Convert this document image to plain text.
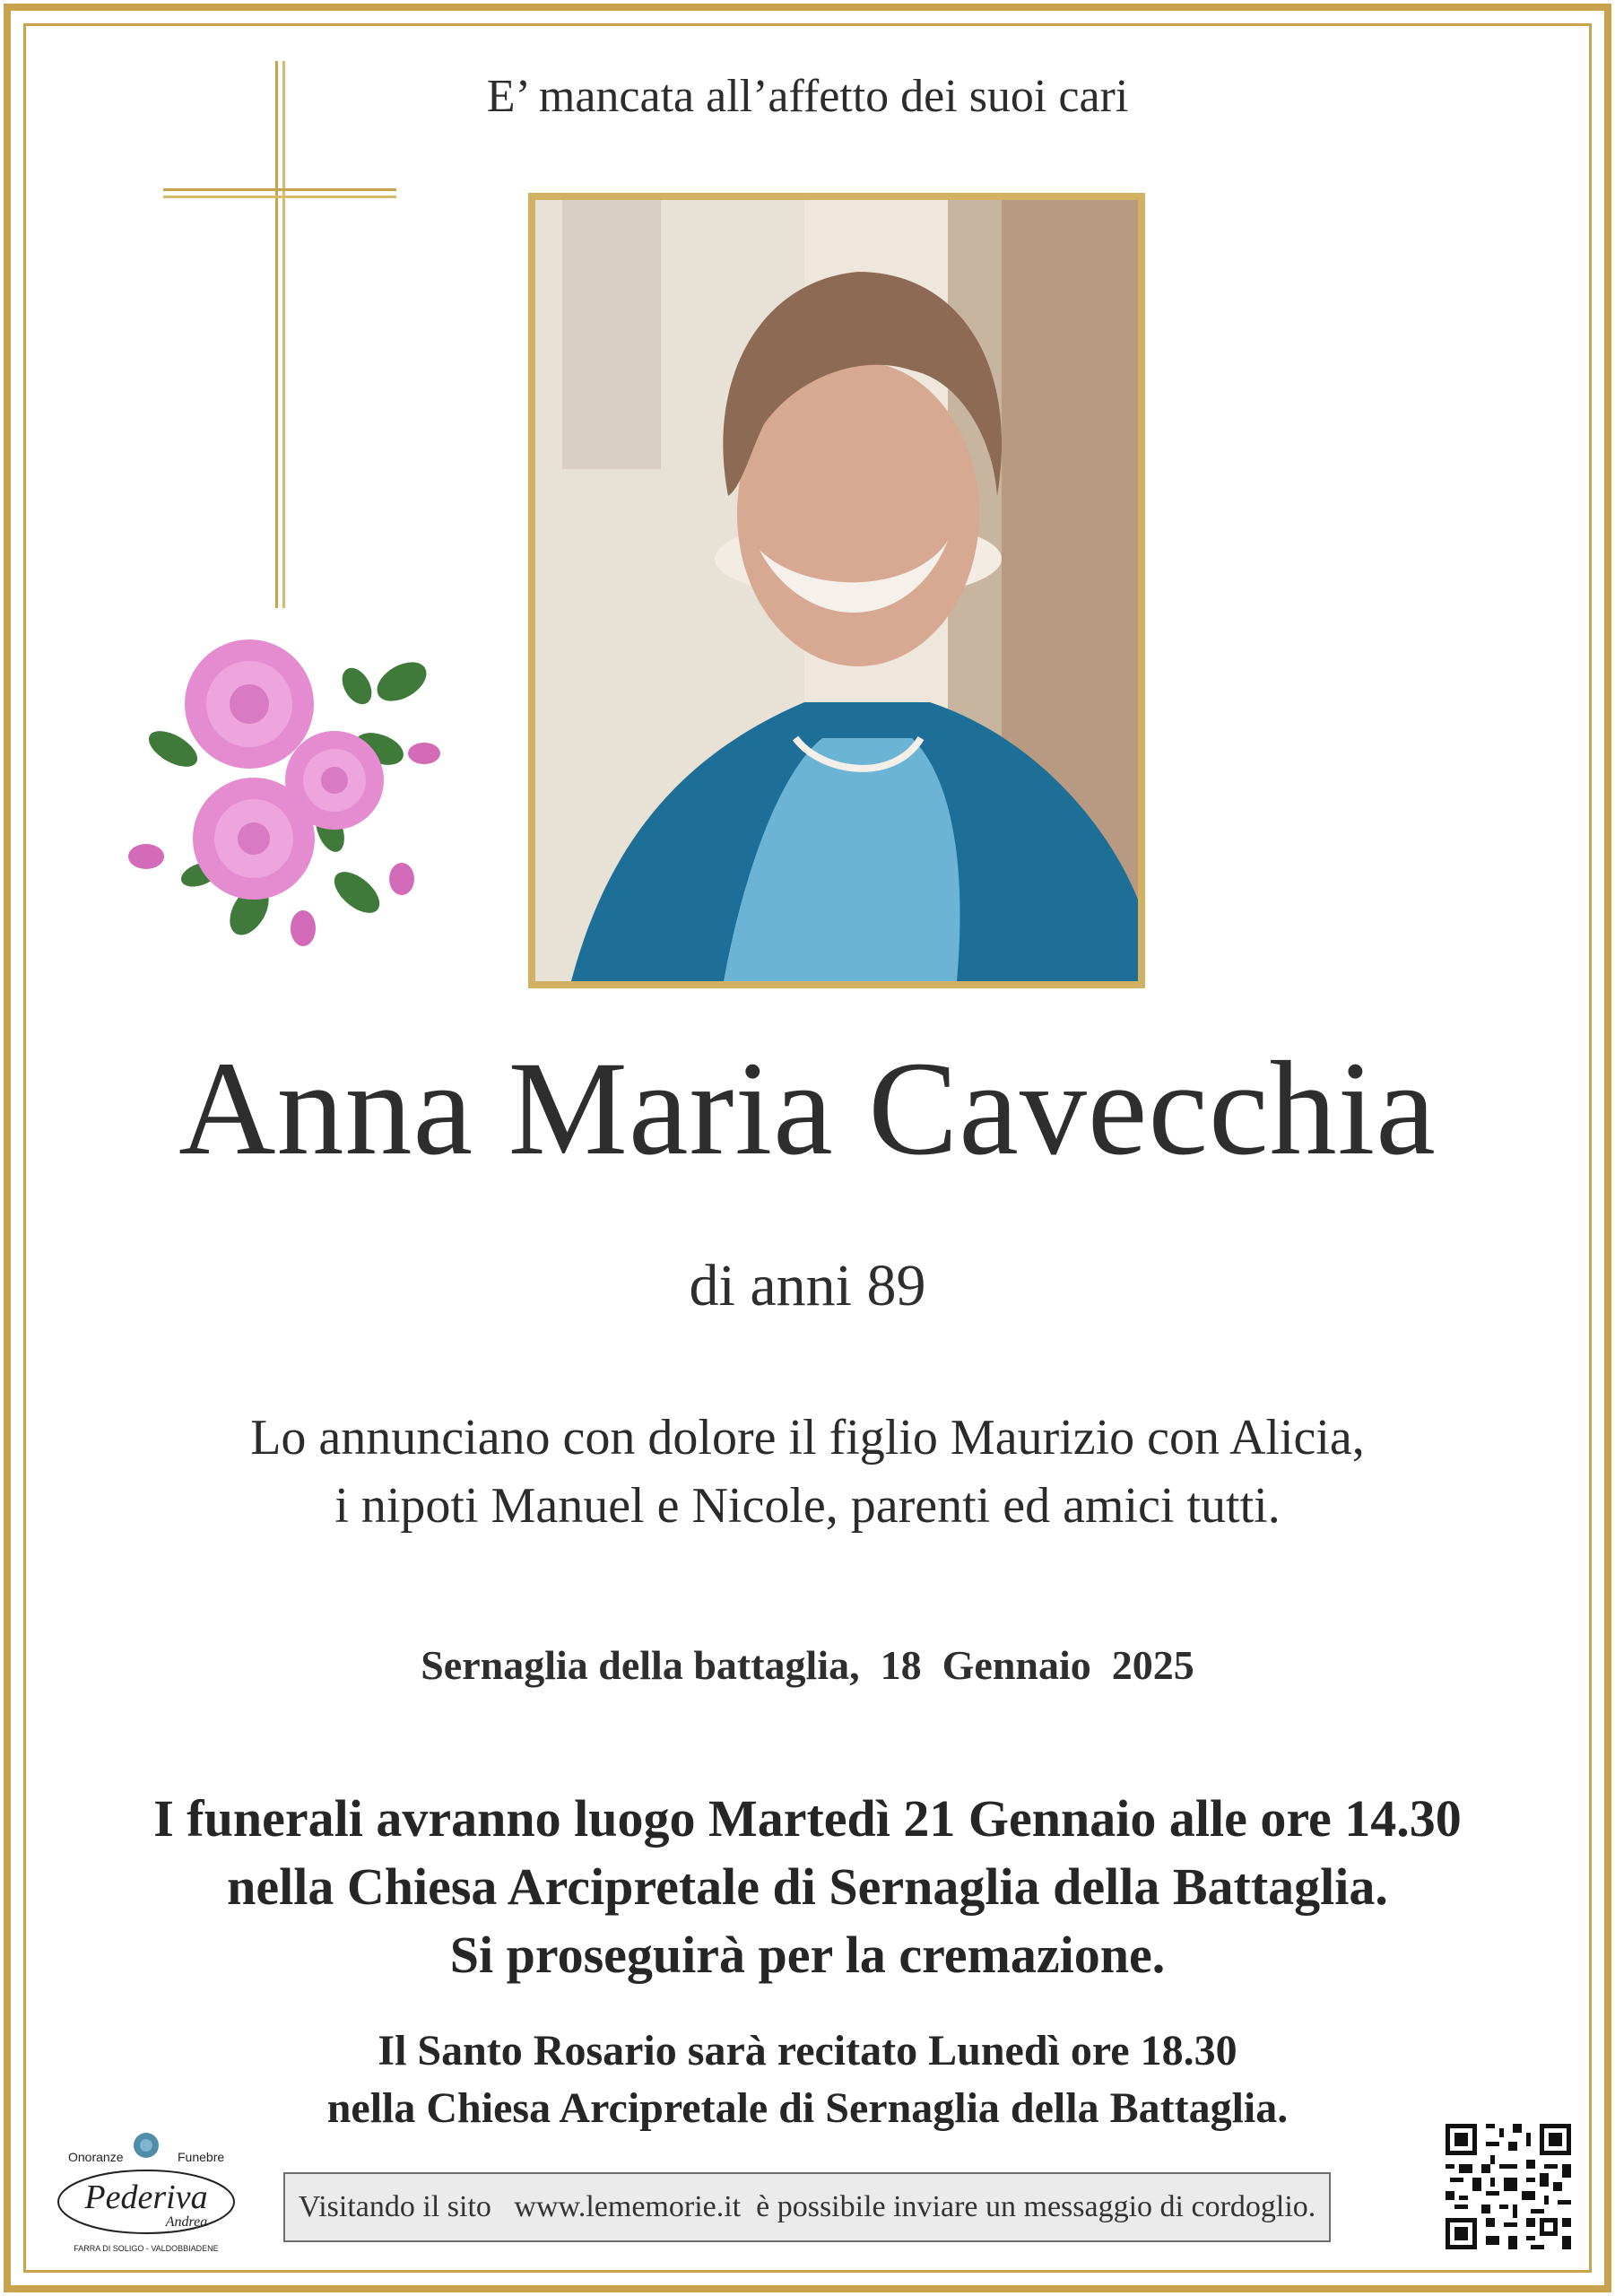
E’ mancata all’affetto dei suoi cari
Anna Maria Cavecchia
di anni 89
Lo annunciano con dolore il figlio Maurizio con Alicia,
i nipoti Manuel e Nicole, parenti ed amici tutti.
Sernaglia della battaglia,  18  Gennaio  2025
I funerali avranno luogo Martedì 21 Gennaio alle ore 14.30
nella Chiesa Arcipretale di Sernaglia della Battaglia.
Si proseguirà per la cremazione.
Il Santo Rosario sarà recitato Lunedì ore 18.30
nella Chiesa Arcipretale di Sernaglia della Battaglia.
Onoranze	Funebre
Pederiva
Andrea
FARRA DI SOLIGO - VALDOBBIADENE
Visitando il sito   www.lememorie.it  è possibile inviare un messaggio di cordoglio.
